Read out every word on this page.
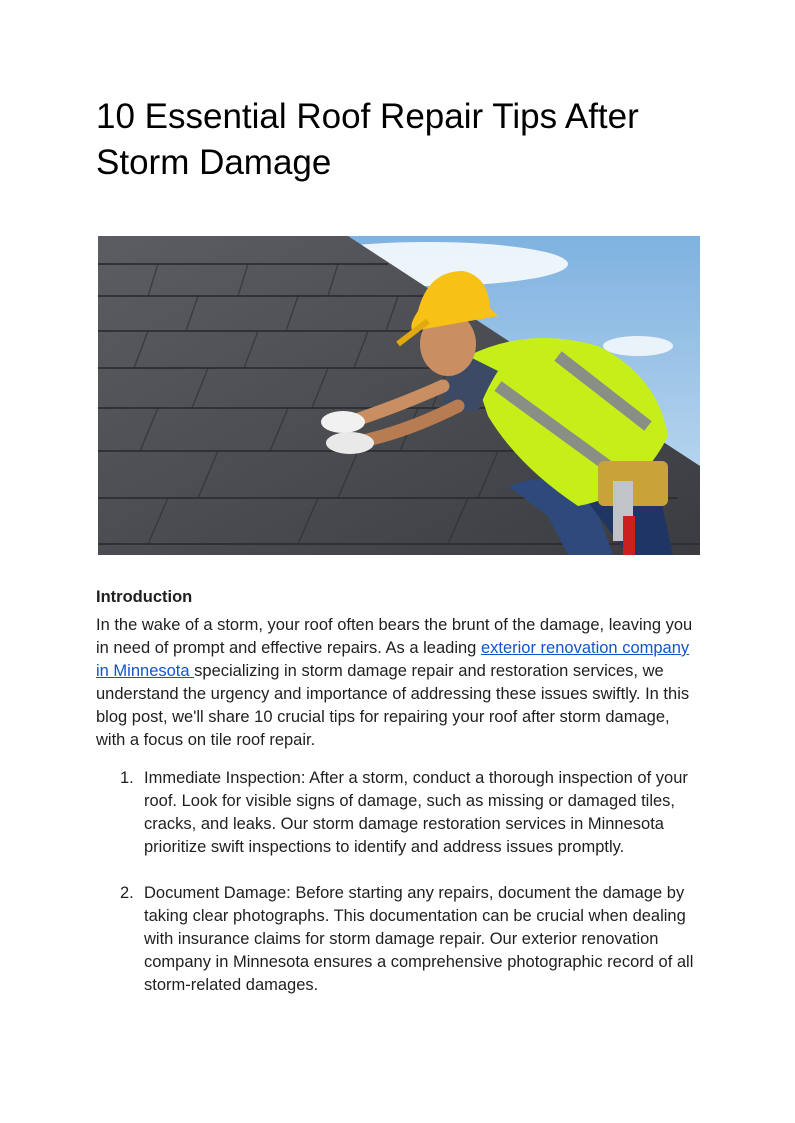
10 Essential Roof Repair Tips After Storm Damage

Introduction

In the wake of a storm, your roof often bears the brunt of the damage, leaving you in need of prompt and effective repairs. As a leading exterior renovation company in Minnesota specializing in storm damage repair and restoration services, we understand the urgency and importance of addressing these issues swiftly. In this blog post, we'll share 10 crucial tips for repairing your roof after storm damage, with a focus on tile roof repair.

1. Immediate Inspection: After a storm, conduct a thorough inspection of your roof. Look for visible signs of damage, such as missing or damaged tiles, cracks, and leaks. Our storm damage restoration services in Minnesota prioritize swift inspections to identify and address issues promptly.
2. Document Damage: Before starting any repairs, document the damage by taking clear photographs. This documentation can be crucial when dealing with insurance claims for storm damage repair. Our exterior renovation company in Minnesota ensures a comprehensive photographic record of all storm-related damages.
